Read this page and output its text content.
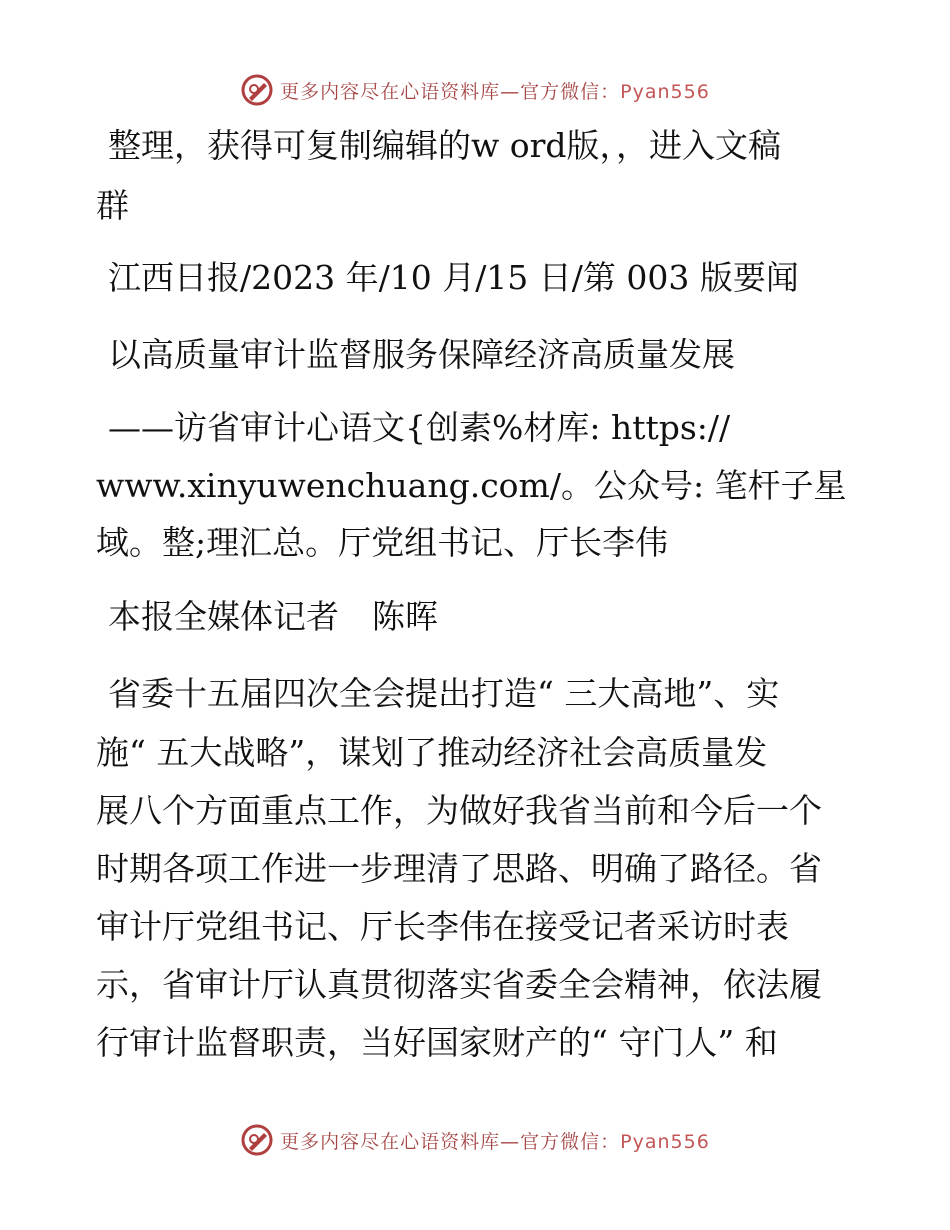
更多内容尽在心语资料库—官方微信：Pyan556
整理，获得可复制编辑的w ord版，，进入文稿
群
江西日报/2023 年/10 月/15 日/第 003 版要闻
以高质量审计监督服务保障经济高质量发展
——访省审计心语文{创素%材库: https://
www.xinyuwenchuang.com/。公众号: 笔杆子星
域。整;理汇总。厅党组书记、厅长李伟
本报全媒体记者　陈晖
省委十五届四次全会提出打造“ 三大高地”、实
施“ 五大战略”，谋划了推动经济社会高质量发
展八个方面重点工作，为做好我省当前和今后一个
时期各项工作进一步理清了思路、明确了路径。省
审计厅党组书记、厅长李伟在接受记者采访时表
示，省审计厅认真贯彻落实省委全会精神，依法履
行审计监督职责，当好国家财产的“ 守门人” 和
更多内容尽在心语资料库—官方微信：Pyan556
